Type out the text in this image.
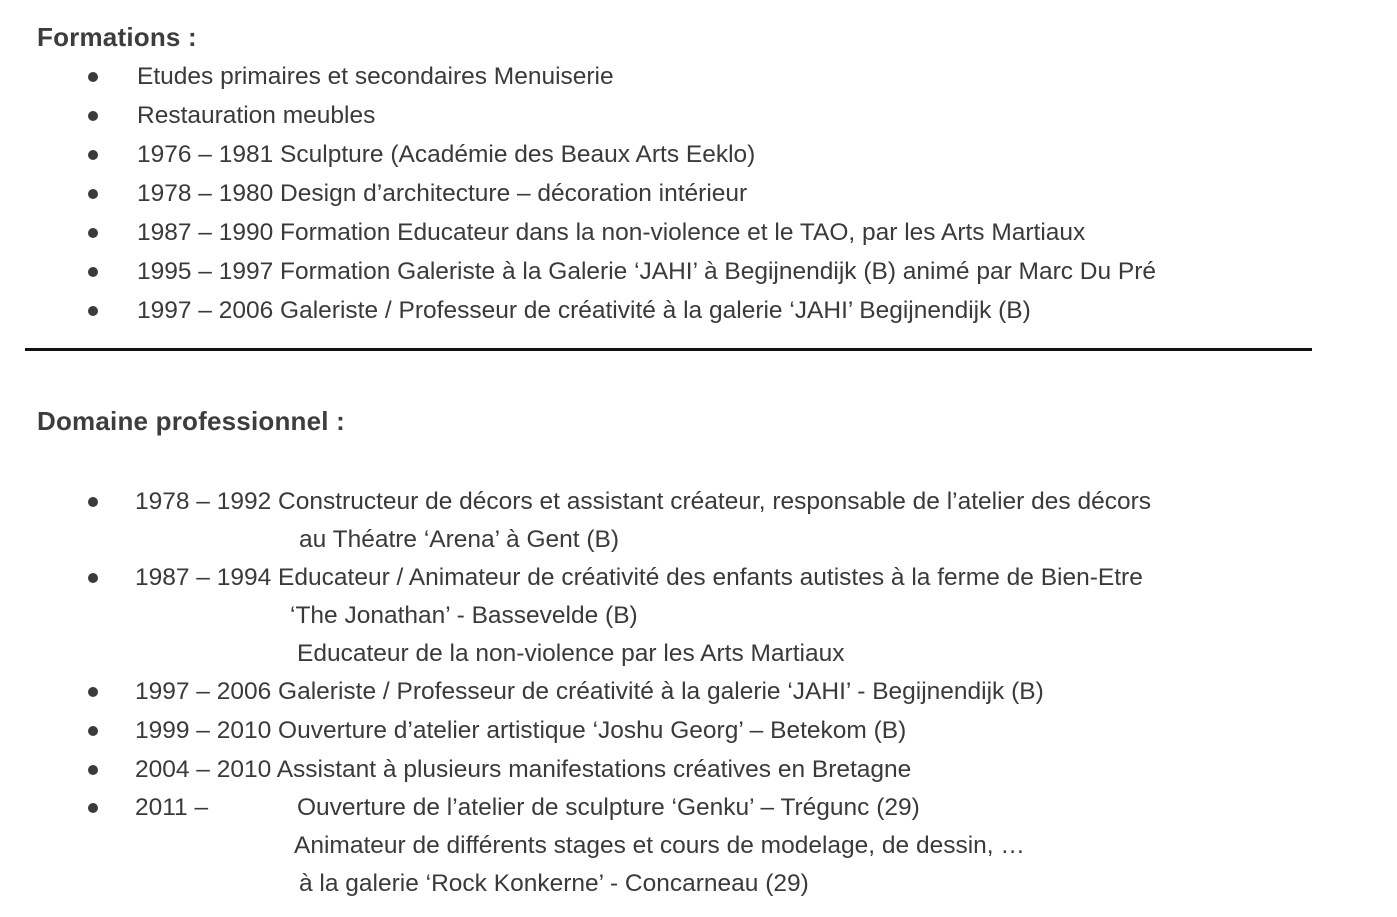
Formations :
Etudes primaires et secondaires Menuiserie
Restauration meubles
1976 – 1981 Sculpture (Académie des Beaux Arts Eeklo)
1978 – 1980 Design d’architecture – décoration intérieur
1987 – 1990 Formation Educateur dans la non-violence et le TAO, par les Arts Martiaux
1995 – 1997 Formation Galeriste à la Galerie ‘JAHI’ à Begijnendijk (B) animé par Marc Du Pré
1997 – 2006 Galeriste / Professeur de créativité à la galerie ‘JAHI’ Begijnendijk (B)
Domaine professionnel :
1978 – 1992 Constructeur de décors et assistant créateur, responsable de l’atelier des décors
au Théatre ‘Arena’ à Gent (B)
1987 – 1994 Educateur / Animateur de créativité des enfants autistes à la ferme de Bien-Etre
‘The Jonathan’ - Bassevelde (B)
Educateur de la non-violence par les Arts Martiaux
1997 – 2006 Galeriste / Professeur de créativité à la galerie ‘JAHI’ - Begijnendijk (B)
1999 – 2010 Ouverture d’atelier artistique ‘Joshu Georg’ – Betekom (B)
2004 – 2010 Assistant à plusieurs manifestations créatives en Bretagne
2011 –	Ouverture de l’atelier de sculpture ‘Genku’ – Trégunc (29)
Animateur de différents stages et cours de modelage, de dessin, …
à la galerie ‘Rock Konkerne’ - Concarneau (29)
